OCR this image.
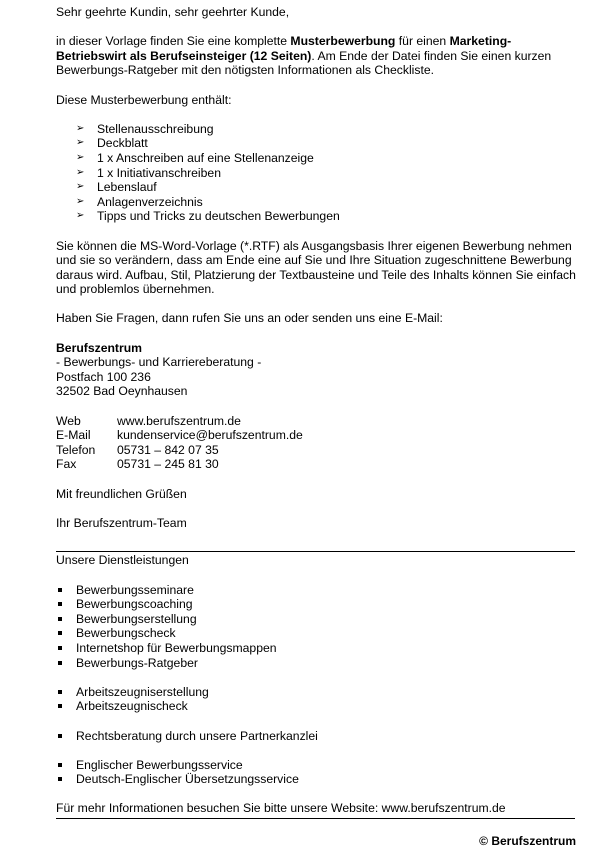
Sehr geehrte Kundin, sehr geehrter Kunde,

in dieser Vorlage finden Sie eine komplette Musterbewerbung für einen Marketing-Betriebswirt als Berufseinsteiger (12 Seiten). Am Ende der Datei finden Sie einen kurzen Bewerbungs-Ratgeber mit den nötigsten Informationen als Checkliste.

Diese Musterbewerbung enthält:

➢ Stellenausschreibung
➢ Deckblatt
➢ 1 x Anschreiben auf eine Stellenanzeige
➢ 1 x Initiativanschreiben
➢ Lebenslauf
➢ Anlagenverzeichnis
➢ Tipps und Tricks zu deutschen Bewerbungen

Sie können die MS-Word-Vorlage (*.RTF) als Ausgangsbasis Ihrer eigenen Bewerbung nehmen und sie so verändern, dass am Ende eine auf Sie und Ihre Situation zugeschnittene Bewerbung daraus wird. Aufbau, Stil, Platzierung der Textbausteine und Teile des Inhalts können Sie einfach und problemlos übernehmen.

Haben Sie Fragen, dann rufen Sie uns an oder senden uns eine E-Mail:

Berufszentrum

- Bewerbungs- und Karriereberatung -

Postfach 100 236

32502 Bad Oeynhausen

Web	www.berufszentrum.de
E-Mail	kundenservice@berufszentrum.de
Telefon	05731 – 842 07 35
Fax	05731 – 245 81 30

Mit freundlichen Grüßen

Ihr Berufszentrum-Team

Unsere Dienstleistungen

Bewerbungsseminare
Bewerbungscoaching
Bewerbungserstellung
Bewerbungscheck
Internetshop für Bewerbungsmappen
Bewerbungs-Ratgeber
Arbeitszeugniserstellung
Arbeitszeugnischeck
Rechtsberatung durch unsere Partnerkanzlei
Englischer Bewerbungsservice
Deutsch-Englischer Übersetzungsservice

Für mehr Informationen besuchen Sie bitte unsere Website: www.berufszentrum.de

© Berufszentrum
